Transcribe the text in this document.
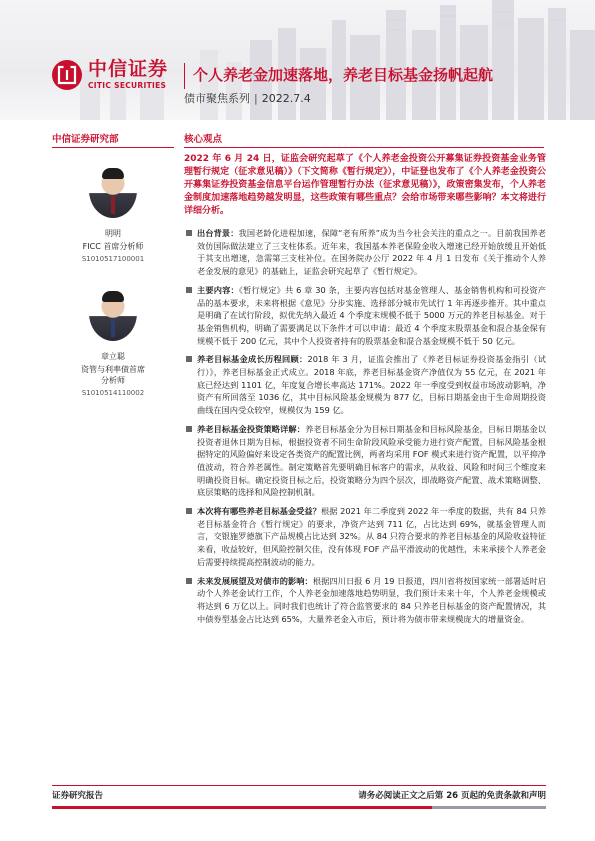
中信证券
CITIC SECURITIES
个人养老金加速落地，养老目标基金扬帆起航
债市聚焦系列 | 2022.7.4
中信证券研究部	核心观点
明明
FICC 首席分析师
S1010517100001
章立聪
资管与利率债首席
分析师
S1010514110002
2022 年 6 月 24 日，证监会研究起草了《个人养老金投资公开募集证券投资基金业务管理暂行规定（征求意见稿）》（下文简称《暂行规定》），中证登也发布了《个人养老金投资公开募集证券投资基金信息平台运作管理暂行办法（征求意见稿）》，政策密集发布，个人养老金制度加速落地趋势越发明显，这些政策有哪些重点？会给市场带来哪些影响？本文将进行详细分析。
出台背景：我国老龄化进程加速，保障“老有所养”成为当今社会关注的重点之一。目前我国养老效仿国际做法建立了三支柱体系。近年来，我国基本养老保险金收入增速已经开始放缓且开始低于其支出增速，急需第三支柱补位。在国务院办公厅 2022 年 4 月 1 日发布《关于推动个人养老金发展的意见》的基础上，证监会研究起草了《暂行规定》。
主要内容：《暂行规定》共 6 章 30 条，主要内容包括对基金管理人、基金销售机构和可投资产品的基本要求，未来将根据《意见》分步实施、选择部分城市先试行 1 年再逐步推开。其中重点是明确了在试行阶段，拟优先纳入最近 4 个季度末规模不低于 5000 万元的养老目标基金。对于基金销售机构，明确了需要满足以下条件才可以申请：最近 4 个季度末股票基金和混合基金保有规模不低于 200 亿元，其中个人投资者持有的股票基金和混合基金规模不低于 50 亿元。
养老目标基金成长历程回顾：2018 年 3 月，证监会推出了《养老目标证券投资基金指引（试行）》，养老目标基金正式成立。2018 年底，养老目标基金资产净值仅为 55 亿元，在 2021 年底已经达到 1101 亿，年度复合增长率高达 171%。2022 年一季度受到权益市场波动影响，净资产有所回落至 1036 亿，其中目标风险基金规模为 877 亿，目标日期基金由于生命周期投资曲线在国内受众较窄，规模仅为 159 亿。
养老目标基金投资策略详解：养老目标基金分为目标日期基金和目标风险基金，目标日期基金以投资者退休日期为目标，根据投资者不同生命阶段风险承受能力进行资产配置，目标风险基金根据特定的风险偏好来设定各类资产的配置比例，两者均采用 FOF 模式来进行资产配置，以平抑净值波动，符合养老属性。制定策略首先要明确目标客户的需求，从收益、风险和时间三个维度来明确投资目标。确定投资目标之后，投资策略分为四个层次，即战略资产配置、战术策略调整、底层策略的选择和风险控制机制。
本次将有哪些养老目标基金受益？根据 2021 年二季度到 2022 年一季度的数据，共有 84 只养老目标基金符合《暂行规定》的要求，净资产达到 711 亿，占比达到 69%，就基金管理人而言，交银施罗德旗下产品规模占比达到 32%。从 84 只符合要求的养老目标基金的风险收益特征来看，收益较好，但风险控制欠佳，没有体现 FOF 产品平滑波动的优越性，未来承接个人养老金后需要持续提高控制波动的能力。
未来发展展望及对债市的影响：根据四川日报 6 月 19 日报道，四川省将按国家统一部署适时启动个人养老金试行工作，个人养老金加速落地趋势明显，我们预计未来十年，个人养老金规模或将达到 6 万亿以上。同时我们也统计了符合监管要求的 84 只养老目标基金的资产配置情况，其中债券型基金占比达到 65%，大量养老金入市后，预计将为债市带来规模庞大的增量资金。
证券研究报告	请务必阅读正文之后第 26 页起的免责条款和声明
